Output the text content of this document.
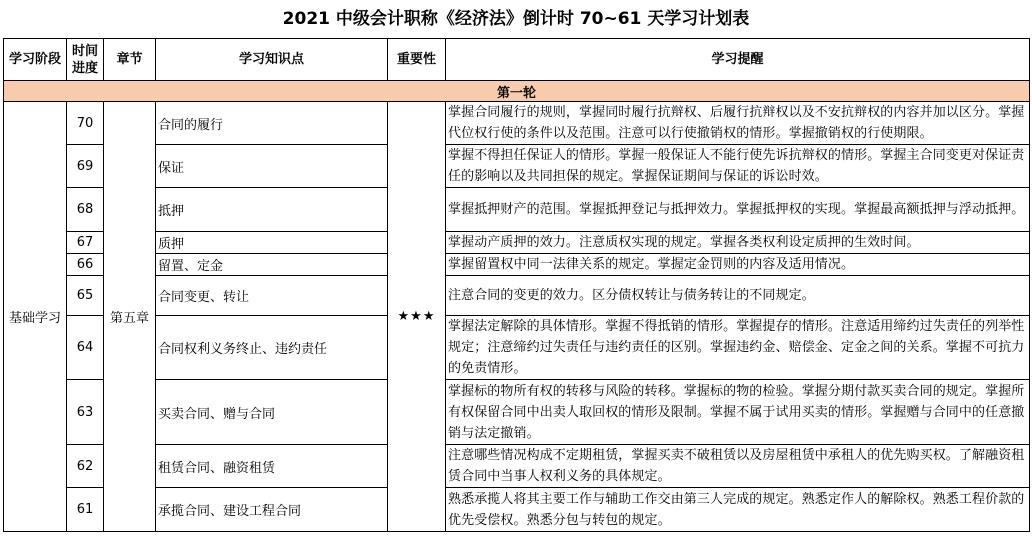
2021 中级会计职称《经济法》倒计时 70~61 天学习计划表
学习阶段	时间进度	章节	学习知识点	重要性	学习提醒
第一轮					
基础学习	70	第五章	合同的履行	★★★	掌握合同履行的规则，掌握同时履行抗辩权、后履行抗辩权以及不安抗辩权的内容并加以区分。掌握代位权行使的条件以及范围。注意可以行使撤销权的情形。掌握撤销权的行使期限。
	69		保证		掌握不得担任保证人的情形。掌握一般保证人不能行使先诉抗辩权的情形。掌握主合同变更对保证责任的影响以及共同担保的规定。掌握保证期间与保证的诉讼时效。
	68		抵押		掌握抵押财产的范围。掌握抵押登记与抵押效力。掌握抵押权的实现。掌握最高额抵押与浮动抵押。
	67		质押		掌握动产质押的效力。注意质权实现的规定。掌握各类权利设定质押的生效时间。
	66		留置、定金		掌握留置权中同一法律关系的规定。掌握定金罚则的内容及适用情况。
	65		合同变更、转让		注意合同的变更的效力。区分债权转让与债务转让的不同规定。
	64		合同权利义务终止、违约责任		掌握法定解除的具体情形。掌握不得抵销的情形。掌握提存的情形。注意适用缔约过失责任的列举性规定；注意缔约过失责任与违约责任的区别。掌握违约金、赔偿金、定金之间的关系。掌握不可抗力的免责情形。
	63		买卖合同、赠与合同		掌握标的物所有权的转移与风险的转移。掌握标的物的检验。掌握分期付款买卖合同的规定。掌握所有权保留合同中出卖人取回权的情形及限制。掌握不属于试用买卖的情形。掌握赠与合同中的任意撤销与法定撤销。
	62		租赁合同、融资租赁		注意哪些情况构成不定期租赁，掌握买卖不破租赁以及房屋租赁中承租人的优先购买权。了解融资租赁合同中当事人权利义务的具体规定。
	61		承揽合同、建设工程合同		熟悉承揽人将其主要工作与辅助工作交由第三人完成的规定。熟悉定作人的解除权。熟悉工程价款的优先受偿权。熟悉分包与转包的规定。
